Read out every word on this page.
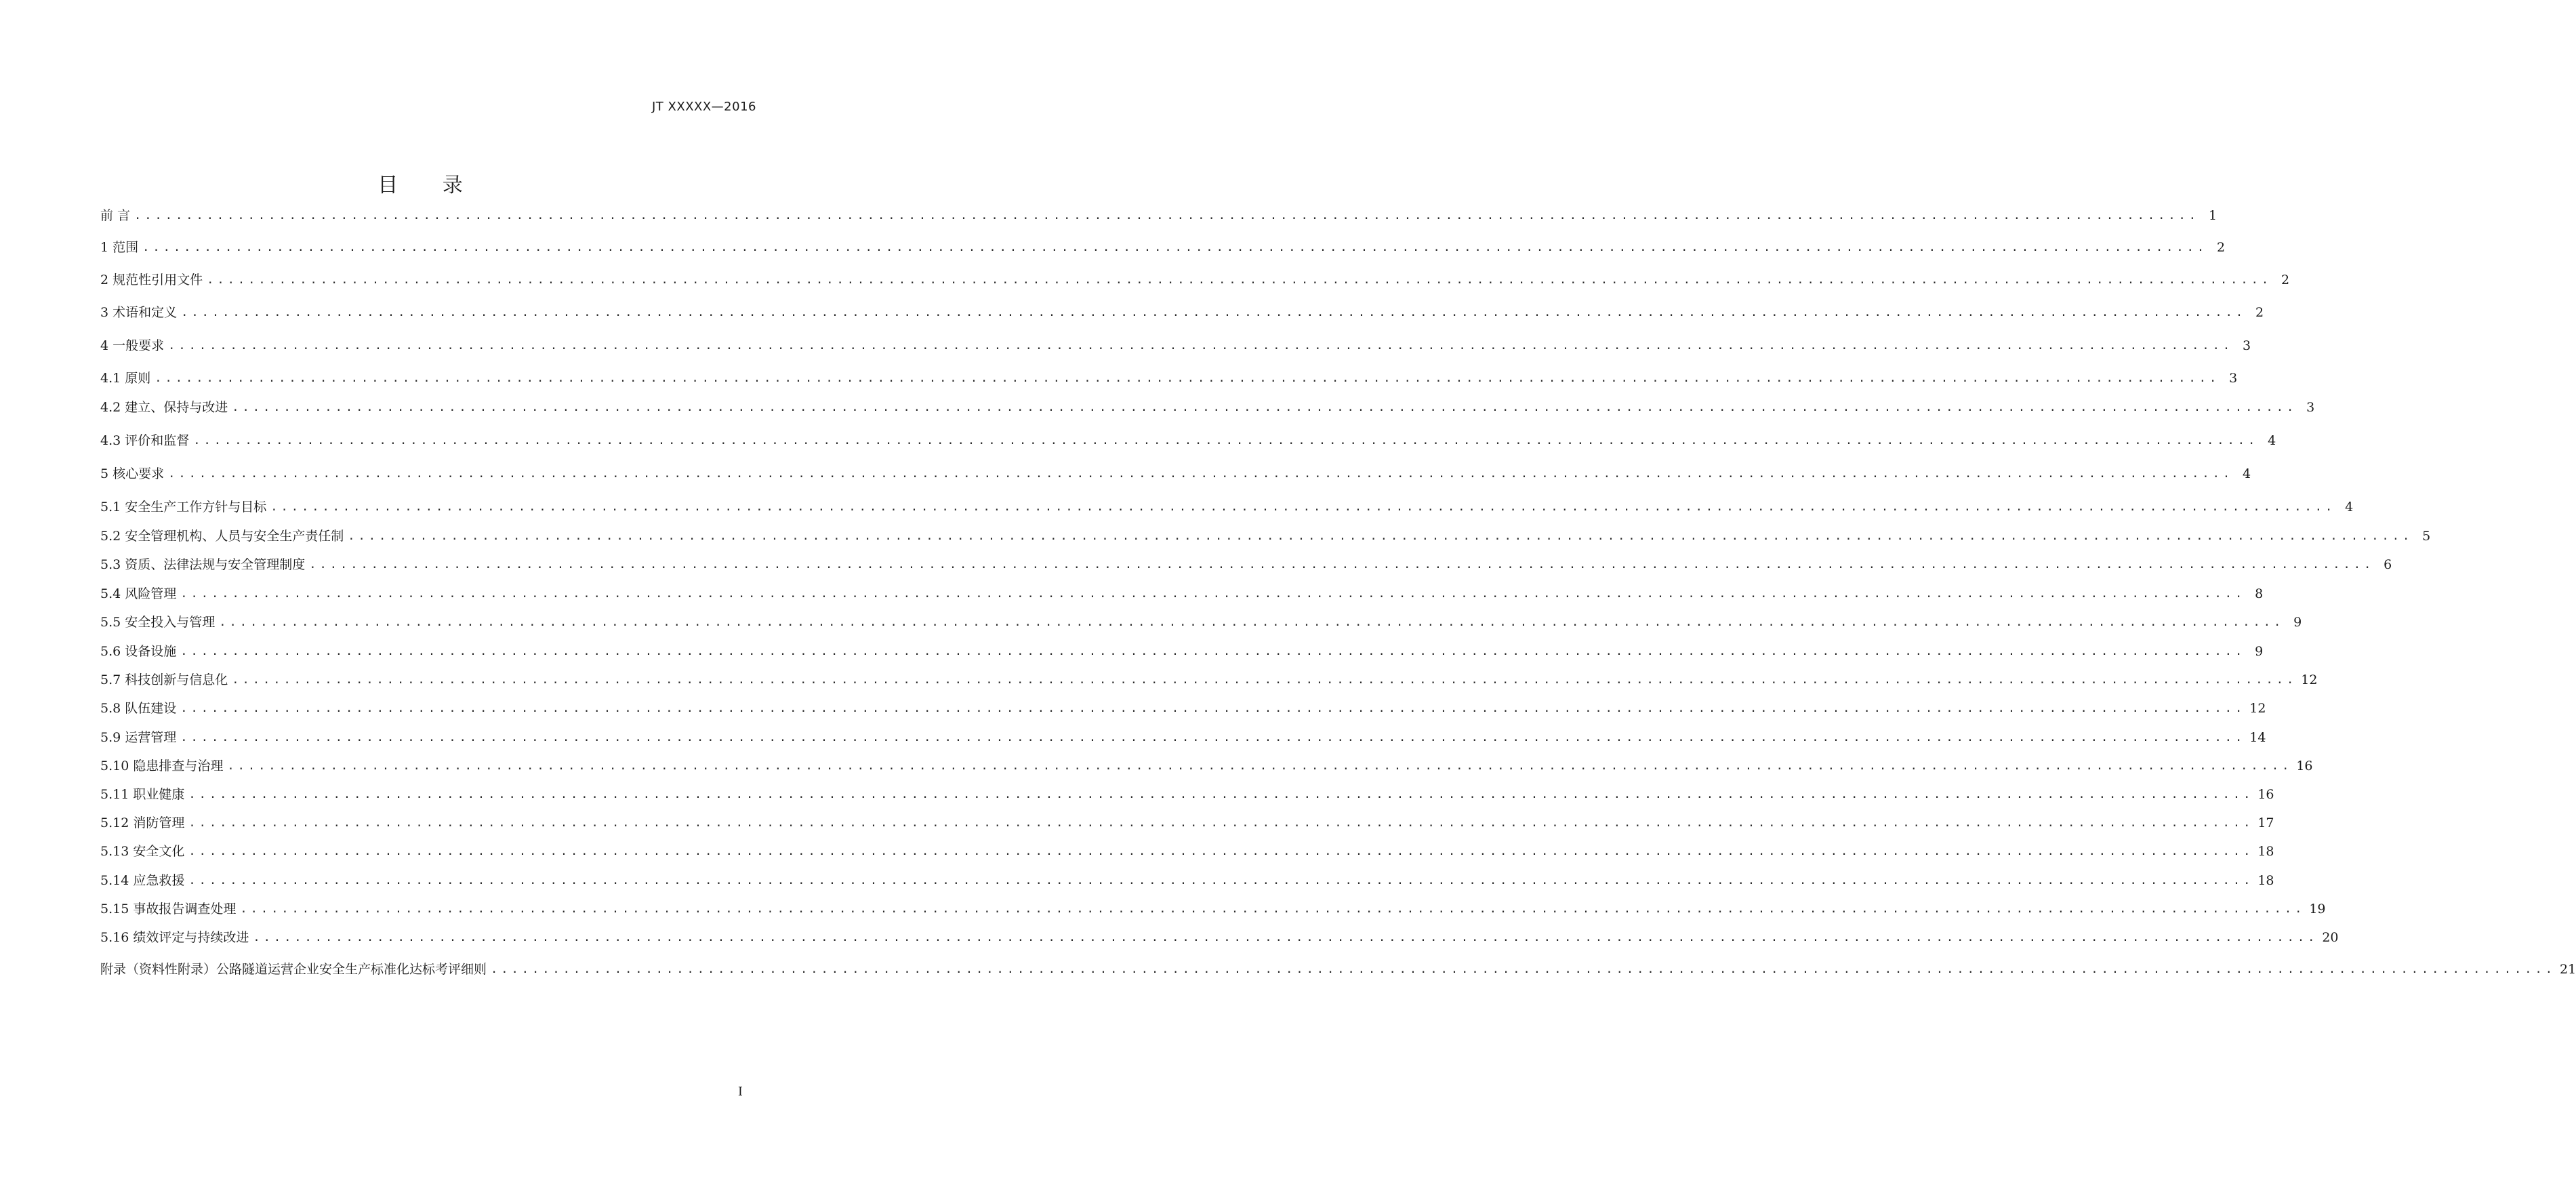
JT XXXXX—2016
目 录
前 言 ........................................................................................................................................................................................................ 1
1 范围 ........................................................................................................................................................................................................ 2
2 规范性引用文件 ........................................................................................................................................................................................................ 2
3 术语和定义 ........................................................................................................................................................................................................ 2
4 一般要求 ........................................................................................................................................................................................................ 3
4.1 原则 ........................................................................................................................................................................................................ 3
4.2 建立、保持与改进 ........................................................................................................................................................................................................ 3
4.3 评价和监督 ........................................................................................................................................................................................................ 4
5 核心要求 ........................................................................................................................................................................................................ 4
5.1 安全生产工作方针与目标 ........................................................................................................................................................................................................ 4
5.2 安全管理机构、人员与安全生产责任制 ........................................................................................................................................................................................................ 5
5.3 资质、法律法规与安全管理制度 ........................................................................................................................................................................................................ 6
5.4 风险管理 ........................................................................................................................................................................................................ 8
5.5 安全投入与管理 ........................................................................................................................................................................................................ 9
5.6 设备设施 ........................................................................................................................................................................................................ 9
5.7 科技创新与信息化 ........................................................................................................................................................................................................ 12
5.8 队伍建设 ........................................................................................................................................................................................................ 12
5.9 运营管理 ........................................................................................................................................................................................................ 14
5.10 隐患排查与治理 ........................................................................................................................................................................................................ 16
5.11 职业健康 ........................................................................................................................................................................................................ 16
5.12 消防管理 ........................................................................................................................................................................................................ 17
5.13 安全文化 ........................................................................................................................................................................................................ 18
5.14 应急救援 ........................................................................................................................................................................................................ 18
5.15 事故报告调查处理 ........................................................................................................................................................................................................ 19
5.16 绩效评定与持续改进 ........................................................................................................................................................................................................ 20
附录（资料性附录）公路隧道运营企业安全生产标准化达标考评细则 ........................................................................................................................................................................................................ 21
I
